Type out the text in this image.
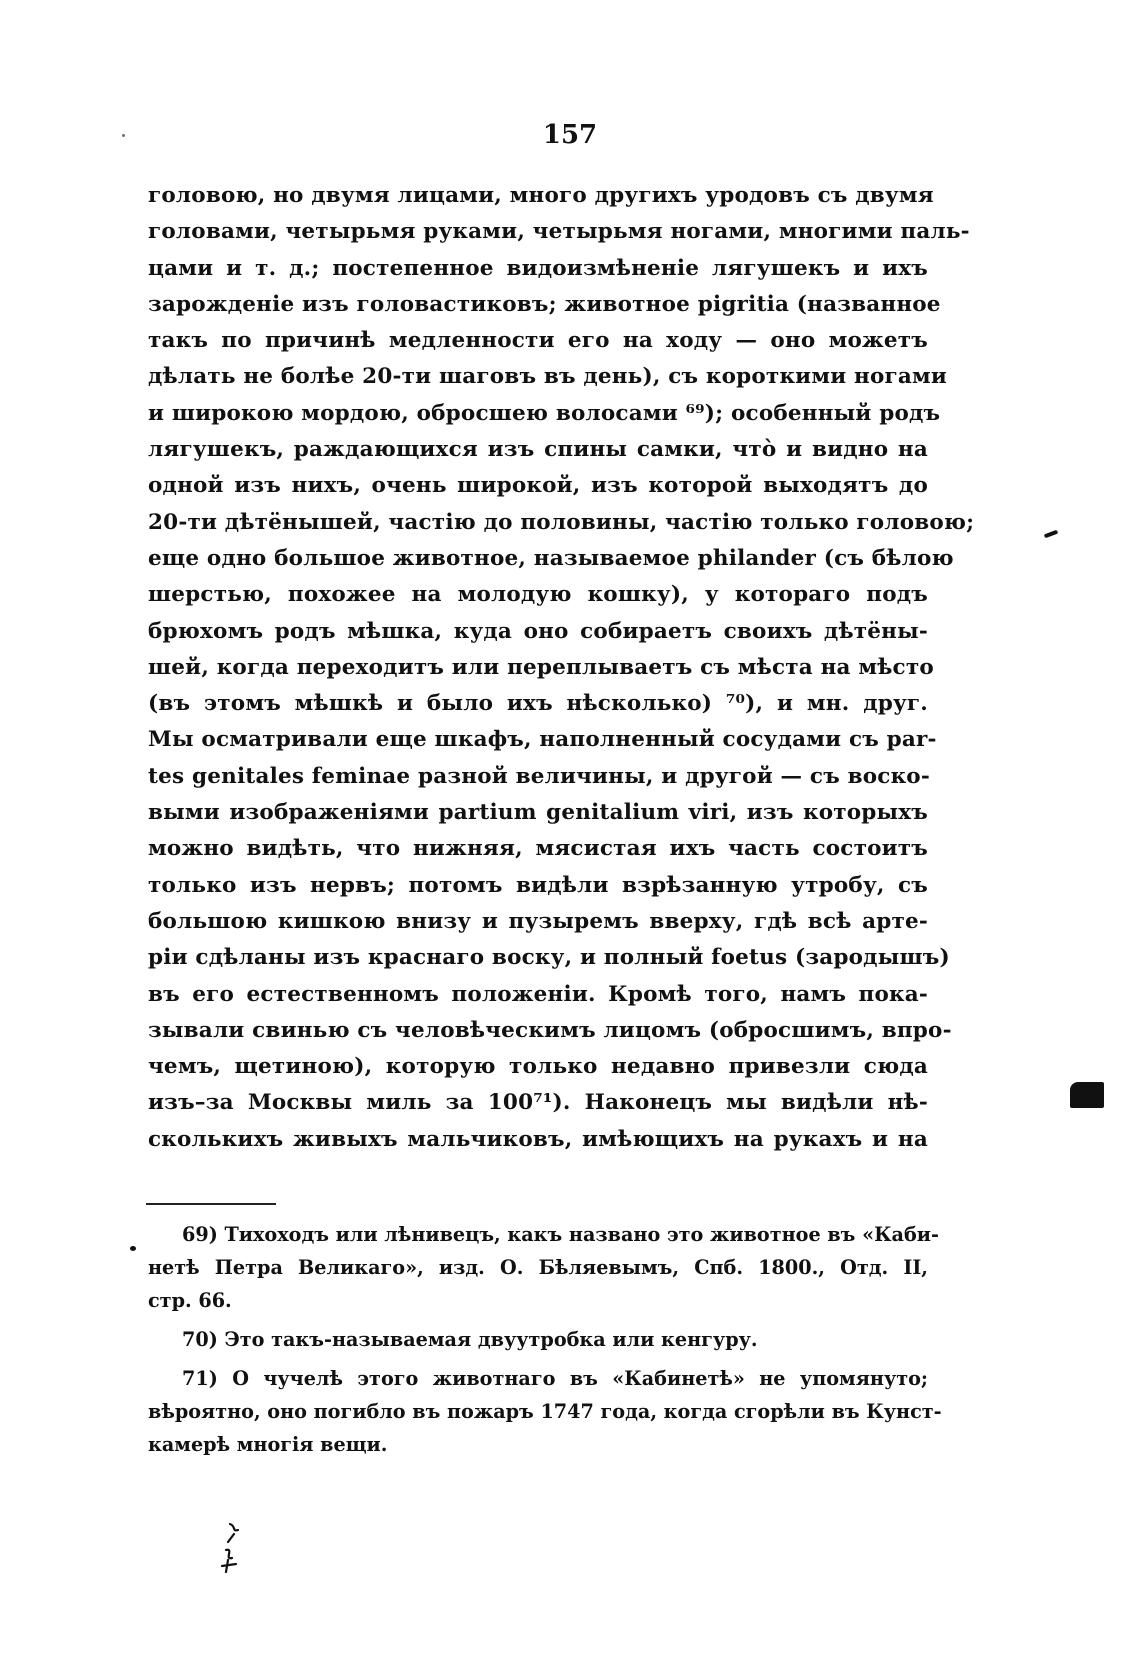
157
головою, но двумя лицами, много другихъ уродовъ съ двумя
головами, четырьмя руками, четырьмя ногами, многими паль-
цами и т. д.; постепенное видоизмѣненіе лягушекъ и ихъ
зарожденіе изъ головастиковъ; животное pigritia (названное
такъ по причинѣ медленности его на ходу — оно можетъ
дѣлать не болѣе 20-ти шаговъ въ день), съ короткими ногами
и широкою мордою, обросшею волосами ⁶⁹); особенный родъ
лягушекъ, раждающихся изъ спины самки, что̀ и видно на
одной изъ нихъ, очень широкой, изъ которой выходятъ до
20-ти дѣтёнышей, частію до половины, частію только головою;
еще одно большое животное, называемое philander (съ бѣлою
шерстью, похожее на молодую кошку), у котораго подъ
брюхомъ родъ мѣшка, куда оно собираетъ своихъ дѣтёны-
шей, когда переходитъ или переплываетъ съ мѣста на мѣсто
(въ этомъ мѣшкѣ и было ихъ нѣсколько) ⁷⁰), и мн. друг.
Мы осматривали еще шкафъ, наполненный сосудами съ par-
tes genitales feminae разной величины, и другой — съ воско-
выми изображеніями partium genitalium viri, изъ которыхъ
можно видѣть, что нижняя, мясистая ихъ часть состоитъ
только изъ нервъ; потомъ видѣли взрѣзанную утробу, съ
большою кишкою внизу и пузыремъ вверху, гдѣ всѣ арте-
ріи сдѣланы изъ краснаго воску, и полный foetus (зародышъ)
въ его естественномъ положеніи. Кромѣ того, намъ пока-
зывали свинью съ человѣческимъ лицомъ (обросшимъ, впро-
чемъ, щетиною), которую только недавно привезли сюда
изъ–за Москвы миль за 100⁷¹). Наконецъ мы видѣли нѣ-
сколькихъ живыхъ мальчиковъ, имѣющихъ на рукахъ и на
69) Тихоходъ или лѣнивецъ, какъ названо это животное въ «Каби-
нетѣ Петра Великаго», изд. О. Бѣляевымъ, Спб. 1800., Отд. II,
стр. 66.
70) Это такъ-называемая двуутробка или кенгуру.
71) О чучелѣ этого животнаго въ «Кабинетѣ» не упомянуто;
вѣроятно, оно погибло въ пожаръ 1747 года, когда сгорѣли въ Кунст-
камерѣ многія вещи.
